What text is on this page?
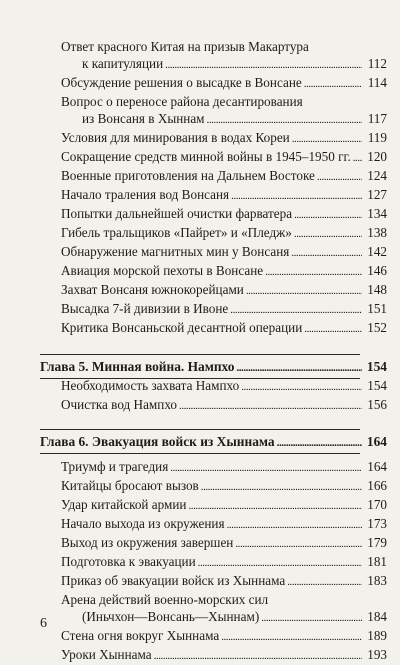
Ответ красного Китая на призыв Макартура
к капитуляции . . .	112
Обсуждение решения о высадке в Вонсане . . .	114
Вопрос о переносе района десантирования
из Вонсаня в Хыннам . . .	117
Условия для минирования в водах Кореи . . .	119
Сокращение средств минной войны в 1945–1950 гг. . . . 120
Военные приготовления на Дальнем Востоке . . .	124
Начало траления вод Вонсаня . . .	127
Попытки дальнейшей очистки фарватера . . .	134
Гибель тральщиков «Пайрет» и «Пледж» . . .	138
Обнаружение магнитных мин у Вонсаня . . .	142
Авиация морской пехоты в Вонсане . . .	146
Захват Вонсаня южнокорейцами . . .	148
Высадка 7-й дивизии в Ивоне . . .	151
Критика Вонсаньской десантной операции . . .	152
Глава 5. Минная война. Нампхо . . .	154
Необходимость захвата Нампхо . . .	154
Очистка вод Нампхо . . .	156
Глава 6. Эвакуация войск из Хыннама . . .	164
Триумф и трагедия . . .	164
Китайцы бросают вызов . . .	166
Удар китайской армии . . .	170
Начало выхода из окружения . . .	173
Выход из окружения завершен . . .	179
Подготовка к эвакуации . . .	181
Приказ об эвакуации войск из Хыннама . . .	183
Арена действий военно-морских сил
(Иньчхон—Вонсань—Хыннам) . . .	184
Стена огня вокруг Хыннама . . .	189
Уроки Хыннама . . .	193
6
